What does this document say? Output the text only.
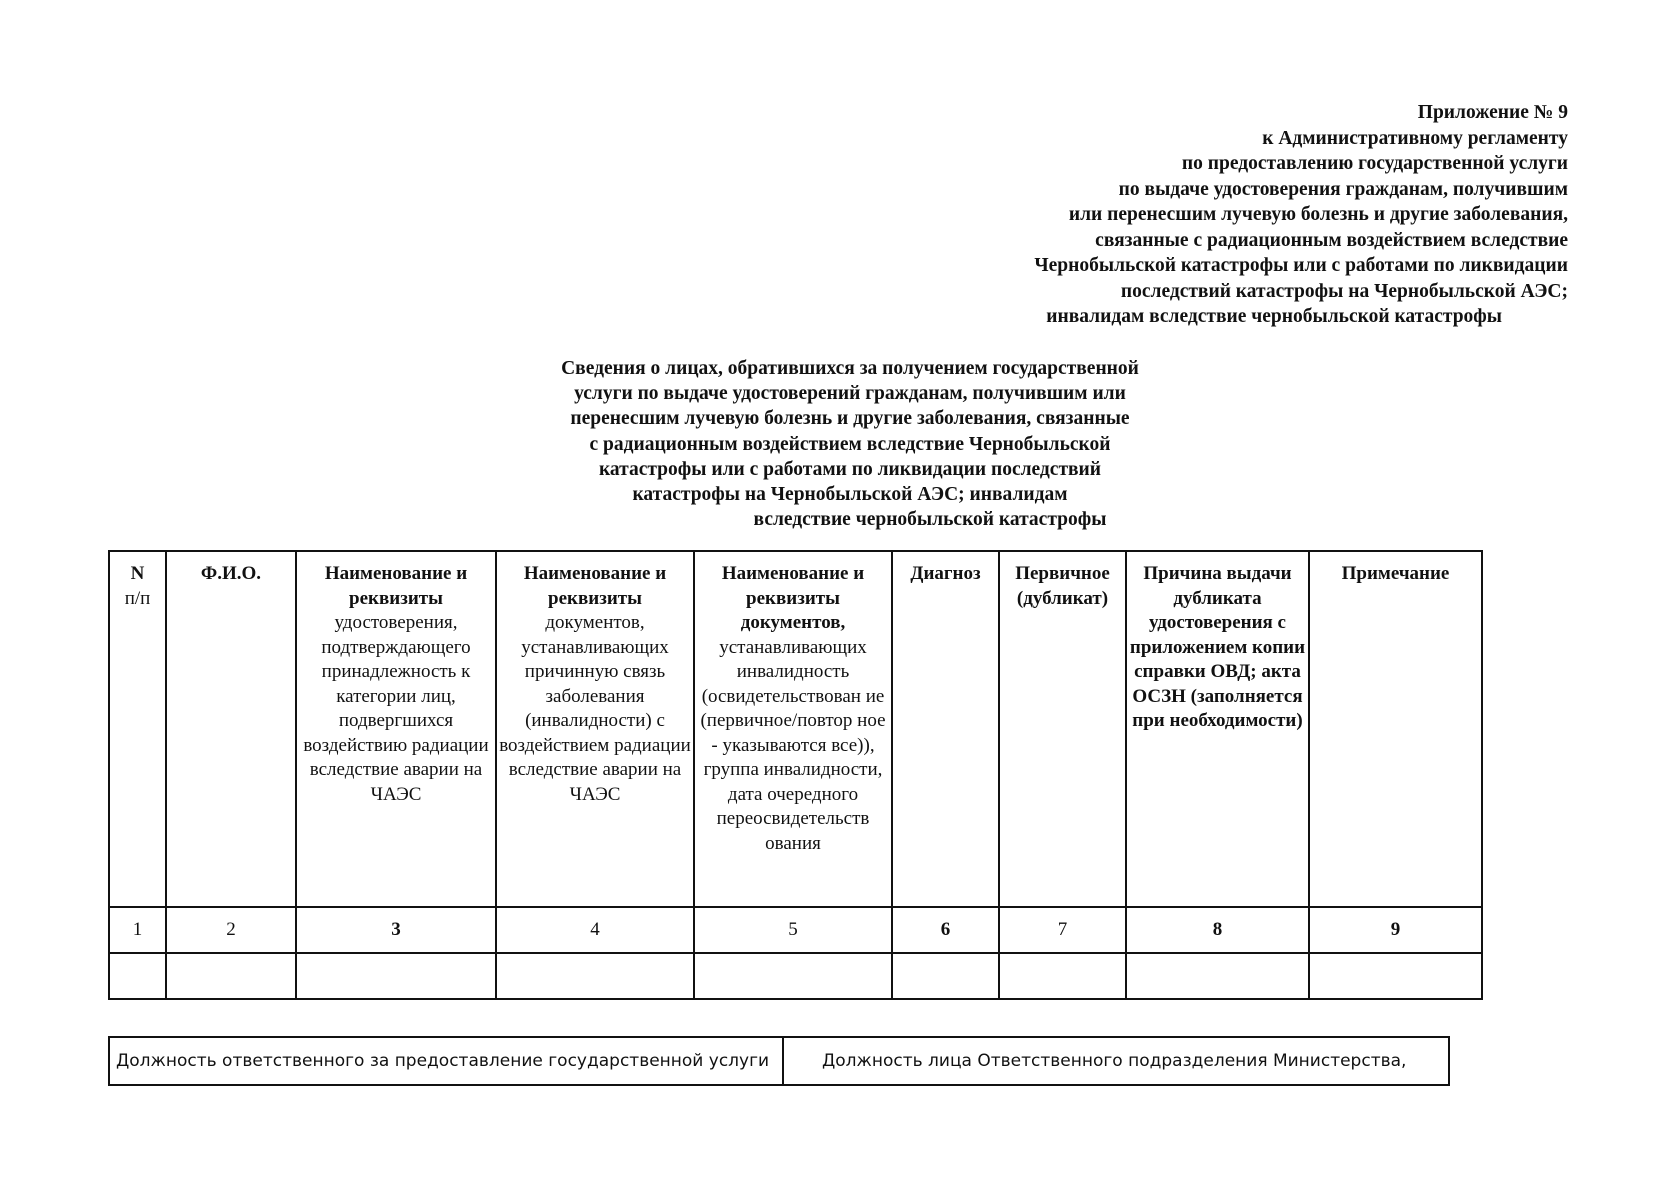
Приложение № 9
к Административному регламенту
по предоставлению государственной услуги
по выдаче удостоверения гражданам, получившим
или перенесшим лучевую болезнь и другие заболевания,
связанные с радиационным воздействием вследствие
Чернобыльской катастрофы или с работами по ликвидации
последствий катастрофы на Чернобыльской АЭС;
инвалидам вследствие чернобыльской катастрофы
Сведения о лицах, обратившихся за получением государственной
услуги по выдаче удостоверений гражданам, получившим или
перенесшим лучевую болезнь и другие заболевания, связанные
с радиационным воздействием вследствие Чернобыльской
катастрофы или с работами по ликвидации последствий
катастрофы на Чернобыльской АЭС; инвалидам
вследствие чернобыльской катастрофы
N
п/п	Ф.И.О.	Наименование и реквизиты удостоверения, подтверждающего принадлежность к категории лиц, подвергшихся воздействию радиации вследствие аварии на ЧАЭС	Наименование и реквизиты документов, устанавливающих причинную связь заболевания (инвалидности) с воздействием радиации вследствие аварии на ЧАЭС	Наименование и реквизиты документов, устанавливающих инвалидность (освидетельствован ие (первичное/повтор ное - указываются все)), группа инвалидности, дата очередного переосвидетельств ования	Диагноз	Первичное (дубликат)	Причина выдачи дубликата удостоверения с приложением копии справки ОВД; акта ОСЗН (заполняется при необходимости)	Примечание
1	2	3	4	5	6	7	8	9

Должность ответственного за предоставление государственной услуги	Должность лица Ответственного подразделения Министерства,
